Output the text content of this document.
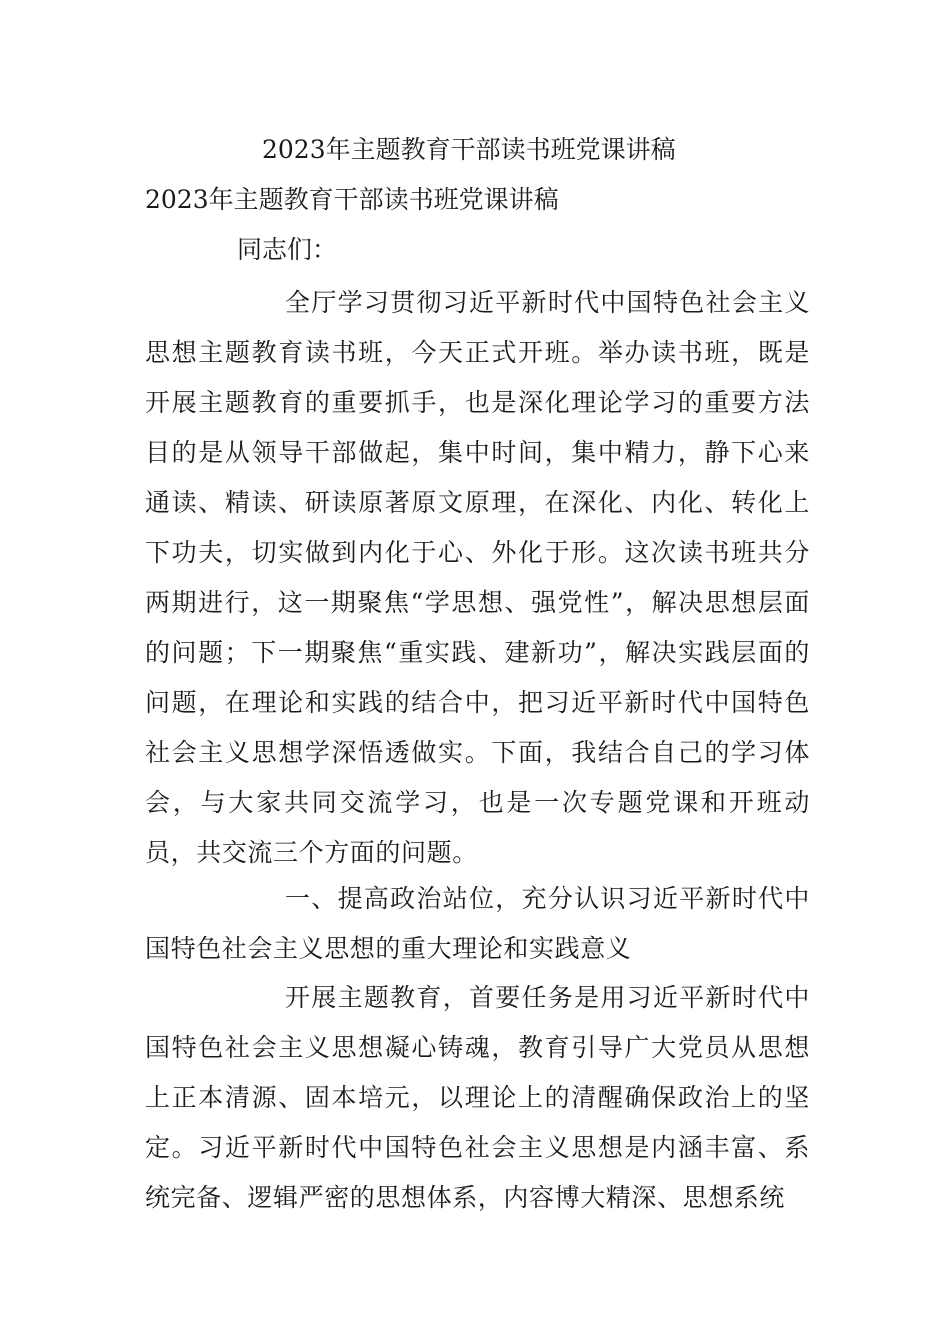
2023年主题教育干部读书班党课讲稿
2023年主题教育干部读书班党课讲稿

同志们：

全厅学习贯彻习近平新时代中国特色社会主义思想主题教育读书班，今天正式开班。举办读书班，既是开展主题教育的重要抓手，也是深化理论学习的重要方法目的是从领导干部做起，集中时间，集中精力，静下心来通读、精读、研读原著原文原理，在深化、内化、转化上下功夫，切实做到内化于心、外化于形。这次读书班共分两期进行，这一期聚焦“学思想、强党性”，解决思想层面的问题；下一期聚焦“重实践、建新功”，解决实践层面的问题，在理论和实践的结合中，把习近平新时代中国特色社会主义思想学深悟透做实。下面，我结合自己的学习体会，与大家共同交流学习，也是一次专题党课和开班动员，共交流三个方面的问题。

一、提高政治站位，充分认识习近平新时代中国特色社会主义思想的重大理论和实践意义

开展主题教育，首要任务是用习近平新时代中国特色社会主义思想凝心铸魂，教育引导广大党员从思想上正本清源、固本培元，以理论上的清醒确保政治上的坚定。习近平新时代中国特色社会主义思想是内涵丰富、系统完备、逻辑严密的思想体系，内容博大精深、思想系统
